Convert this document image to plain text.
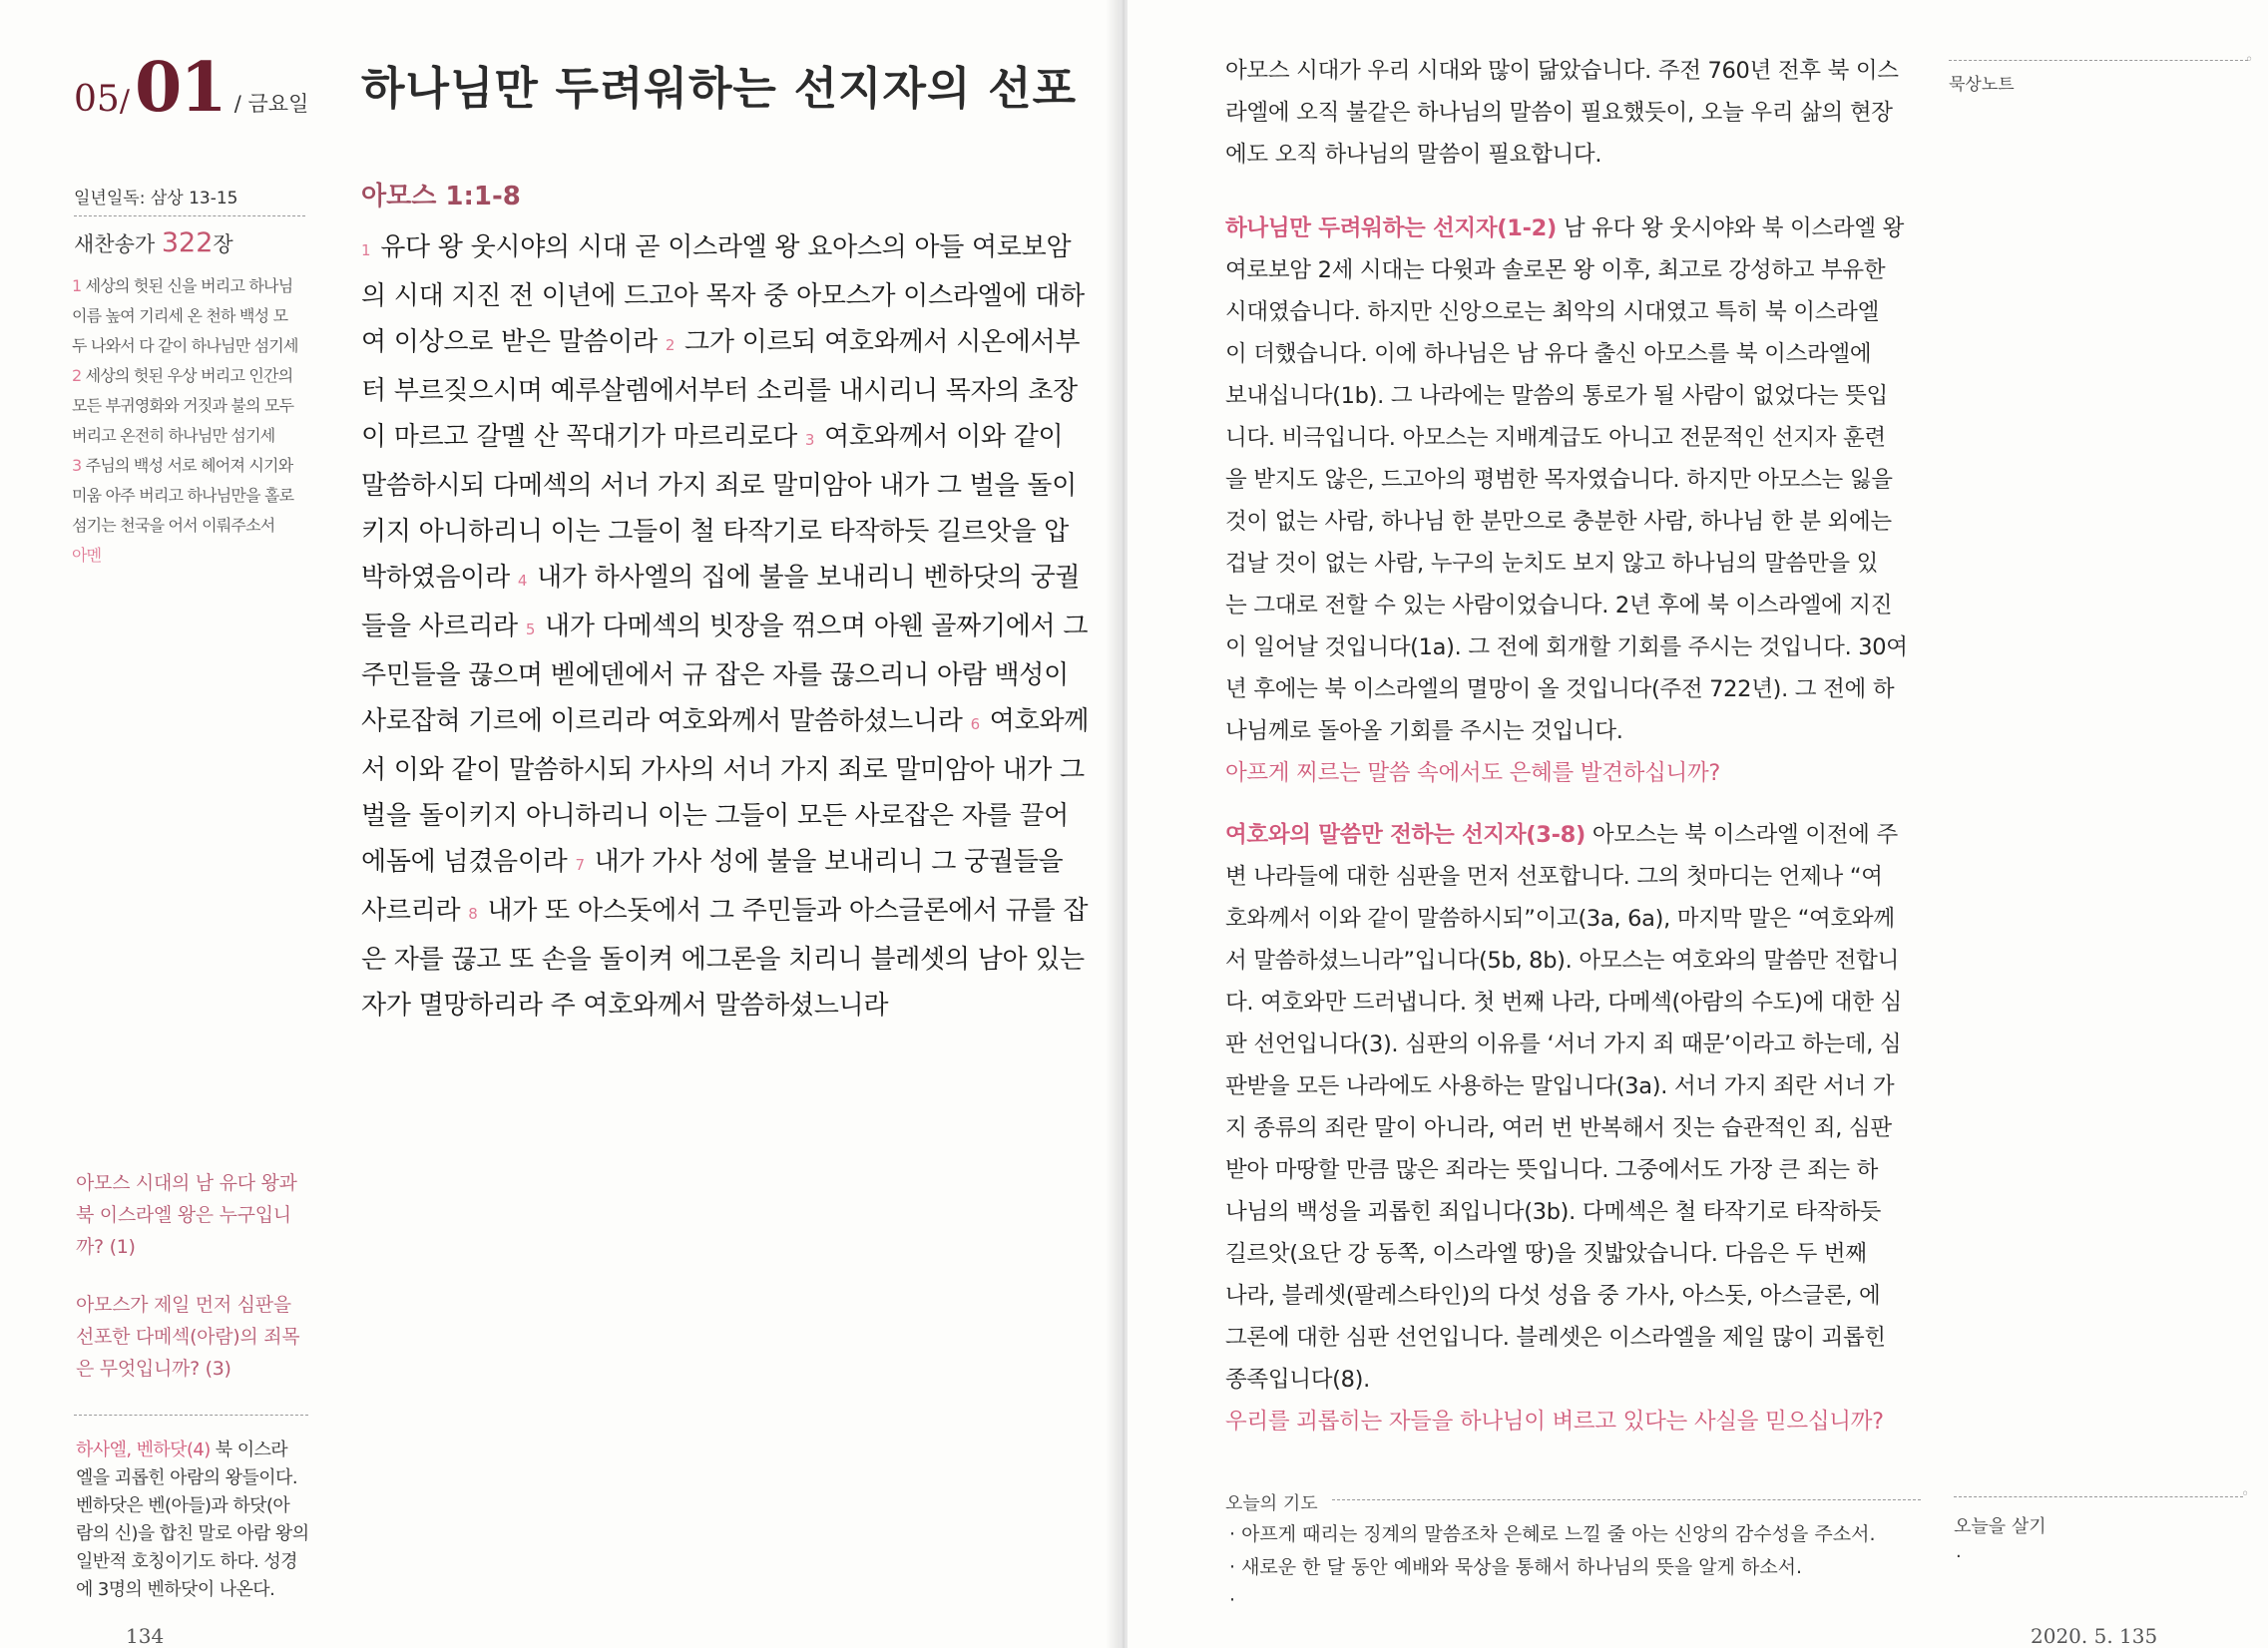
05/ 01 / 금요일 하나님만 두려워하는 선지자의 선포
일년일독: 삼상 13-15
새찬송가 322장
1 세상의 헛된 신을 버리고 하나님
이름 높여 기리세 온 천하 백성 모
두 나와서 다 같이 하나님만 섬기세
2 세상의 헛된 우상 버리고 인간의
모든 부귀영화와 거짓과 불의 모두
버리고 온전히 하나님만 섬기세
3 주님의 백성 서로 헤어져 시기와
미움 아주 버리고 하나님만을 홀로
섬기는 천국을 어서 이뤄주소서
아멘
아모스 1:1-8
1 유다 왕 웃시야의 시대 곧 이스라엘 왕 요아스의 아들 여로보암
의 시대 지진 전 이년에 드고아 목자 중 아모스가 이스라엘에 대하
여 이상으로 받은 말씀이라 2 그가 이르되 여호와께서 시온에서부
터 부르짖으시며 예루살렘에서부터 소리를 내시리니 목자의 초장
이 마르고 갈멜 산 꼭대기가 마르리로다 3 여호와께서 이와 같이
말씀하시되 다메섹의 서너 가지 죄로 말미암아 내가 그 벌을 돌이
키지 아니하리니 이는 그들이 철 타작기로 타작하듯 길르앗을 압
박하였음이라 4 내가 하사엘의 집에 불을 보내리니 벤하닷의 궁궐
들을 사르리라 5 내가 다메섹의 빗장을 꺾으며 아웬 골짜기에서 그
주민들을 끊으며 벧에덴에서 규 잡은 자를 끊으리니 아람 백성이
사로잡혀 기르에 이르리라 여호와께서 말씀하셨느니라 6 여호와께
서 이와 같이 말씀하시되 가사의 서너 가지 죄로 말미암아 내가 그
벌을 돌이키지 아니하리니 이는 그들이 모든 사로잡은 자를 끌어
에돔에 넘겼음이라 7 내가 가사 성에 불을 보내리니 그 궁궐들을
사르리라 8 내가 또 아스돗에서 그 주민들과 아스글론에서 규를 잡
은 자를 끊고 또 손을 돌이켜 에그론을 치리니 블레셋의 남아 있는
자가 멸망하리라 주 여호와께서 말씀하셨느니라
아모스 시대의 남 유다 왕과
북 이스라엘 왕은 누구입니
까? (1)
아모스가 제일 먼저 심판을
선포한 다메섹(아람)의 죄목
은 무엇입니까? (3)
하사엘, 벤하닷(4) 북 이스라
엘을 괴롭힌 아람의 왕들이다.
벤하닷은 벤(아들)과 하닷(아
람의 신)을 합친 말로 아람 왕의
일반적 호칭이기도 하다. 성경
에 3명의 벤하닷이 나온다.
134
아모스 시대가 우리 시대와 많이 닮았습니다. 주전 760년 전후 북 이스
라엘에 오직 불같은 하나님의 말씀이 필요했듯이, 오늘 우리 삶의 현장
에도 오직 하나님의 말씀이 필요합니다.
하나님만 두려워하는 선지자(1-2) 남 유다 왕 웃시야와 북 이스라엘 왕
여로보암 2세 시대는 다윗과 솔로몬 왕 이후, 최고로 강성하고 부유한
시대였습니다. 하지만 신앙으로는 최악의 시대였고 특히 북 이스라엘
이 더했습니다. 이에 하나님은 남 유다 출신 아모스를 북 이스라엘에
보내십니다(1b). 그 나라에는 말씀의 통로가 될 사람이 없었다는 뜻입
니다. 비극입니다. 아모스는 지배계급도 아니고 전문적인 선지자 훈련
을 받지도 않은, 드고아의 평범한 목자였습니다. 하지만 아모스는 잃을
것이 없는 사람, 하나님 한 분만으로 충분한 사람, 하나님 한 분 외에는
겁날 것이 없는 사람, 누구의 눈치도 보지 않고 하나님의 말씀만을 있
는 그대로 전할 수 있는 사람이었습니다. 2년 후에 북 이스라엘에 지진
이 일어날 것입니다(1a). 그 전에 회개할 기회를 주시는 것입니다. 30여
년 후에는 북 이스라엘의 멸망이 올 것입니다(주전 722년). 그 전에 하
나님께로 돌아올 기회를 주시는 것입니다.
아프게 찌르는 말씀 속에서도 은혜를 발견하십니까?
여호와의 말씀만 전하는 선지자(3-8) 아모스는 북 이스라엘 이전에 주
변 나라들에 대한 심판을 먼저 선포합니다. 그의 첫마디는 언제나 “여
호와께서 이와 같이 말씀하시되”이고(3a, 6a), 마지막 말은 “여호와께
서 말씀하셨느니라”입니다(5b, 8b). 아모스는 여호와의 말씀만 전합니
다. 여호와만 드러냅니다. 첫 번째 나라, 다메섹(아람의 수도)에 대한 심
판 선언입니다(3). 심판의 이유를 ‘서너 가지 죄 때문’이라고 하는데, 심
판받을 모든 나라에도 사용하는 말입니다(3a). 서너 가지 죄란 서너 가
지 종류의 죄란 말이 아니라, 여러 번 반복해서 짓는 습관적인 죄, 심판
받아 마땅할 만큼 많은 죄라는 뜻입니다. 그중에서도 가장 큰 죄는 하
나님의 백성을 괴롭힌 죄입니다(3b). 다메섹은 철 타작기로 타작하듯
길르앗(요단 강 동쪽, 이스라엘 땅)을 짓밟았습니다. 다음은 두 번째
나라, 블레셋(팔레스타인)의 다섯 성읍 중 가사, 아스돗, 아스글론, 에
그론에 대한 심판 선언입니다. 블레셋은 이스라엘을 제일 많이 괴롭힌
종족입니다(8).
우리를 괴롭히는 자들을 하나님이 벼르고 있다는 사실을 믿으십니까?
◦
묵상노트
오늘의 기도
· 아프게 때리는 징계의 말씀조차 은혜로 느낄 줄 아는 신앙의 감수성을 주소서.
· 새로운 한 달 동안 예배와 묵상을 통해서 하나님의 뜻을 알게 하소서.
·
◦
오늘을 살기
·
2020. 5. 135
